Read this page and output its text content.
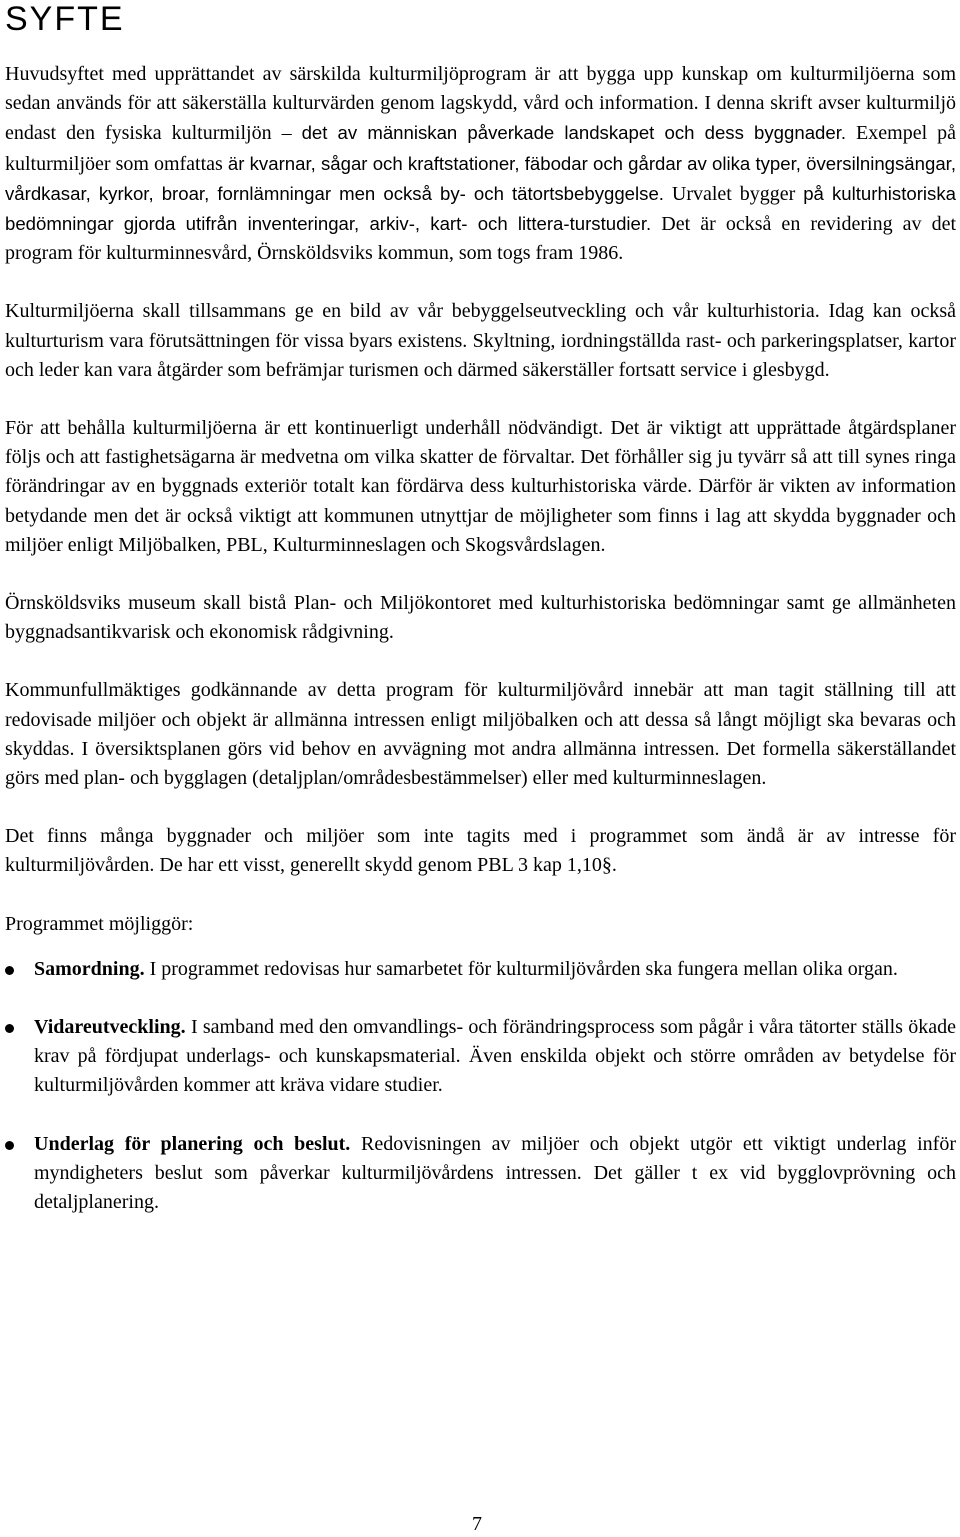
SYFTE

Huvudsyftet med upprättandet av särskilda kulturmiljöprogram är att bygga upp kunskap om kulturmiljöerna som sedan används för att säkerställa kulturvärden genom lagskydd, vård och information. I denna skrift avser kulturmiljö endast den fysiska kulturmiljön – det av människan påverkade landskapet och dess byggnader. Exempel på kulturmiljöer som omfattas är kvarnar, sågar och kraftstationer, fäbodar och gårdar av olika typer, översilningsängar, vårdkasar, kyrkor, broar, fornlämningar men också by- och tätortsbebyggelse. Urvalet bygger på kulturhistoriska bedömningar gjorda utifrån inventeringar, arkiv-, kart- och littera-turstudier. Det är också en revidering av det program för kulturminnesvård, Örnsköldsviks kommun, som togs fram 1986.

Kulturmiljöerna skall tillsammans ge en bild av vår bebyggelseutveckling och vår kulturhistoria. Idag kan också kulturturism vara förutsättningen för vissa byars existens. Skyltning, iordningställda rast- och parkeringsplatser, kartor och leder kan vara åtgärder som befrämjar turismen och därmed säkerställer fortsatt service i glesbygd.

För att behålla kulturmiljöerna är ett kontinuerligt underhåll nödvändigt. Det är viktigt att upprättade åtgärdsplaner följs och att fastighetsägarna är medvetna om vilka skatter de förvaltar. Det förhåller sig ju tyvärr så att till synes ringa förändringar av en byggnads exteriör totalt kan fördärva dess kulturhistoriska värde. Därför är vikten av information betydande men det är också viktigt att kommunen utnyttjar de möjligheter som finns i lag att skydda byggnader och miljöer enligt Miljöbalken, PBL, Kulturminneslagen och Skogsvårdslagen.

Örnsköldsviks museum skall bistå Plan- och Miljökontoret med kulturhistoriska bedömningar samt ge allmänheten byggnadsantikvarisk och ekonomisk rådgivning.

Kommunfullmäktiges godkännande av detta program för kulturmiljövård innebär att man tagit ställning till att redovisade miljöer och objekt är allmänna intressen enligt miljöbalken och att dessa så långt möjligt ska bevaras och skyddas. I översiktsplanen görs vid behov en avvägning mot andra allmänna intressen. Det formella säkerställandet görs med plan- och bygglagen (detaljplan/områdesbestämmelser) eller med kulturminneslagen.

Det finns många byggnader och miljöer som inte tagits med i programmet som ändå är av intresse för kulturmiljövården. De har ett visst, generellt skydd genom PBL 3 kap 1,10§.

Programmet möjliggör:

Samordning. I programmet redovisas hur samarbetet för kulturmiljövården ska fungera mellan olika organ.
Vidareutveckling. I samband med den omvandlings- och förändringsprocess som pågår i våra tätorter ställs ökade krav på fördjupat underlags- och kunskapsmaterial. Även enskilda objekt och större områden av betydelse för kulturmiljövården kommer att kräva vidare studier.
Underlag för planering och beslut. Redovisningen av miljöer och objekt utgör ett viktigt underlag inför myndigheters beslut som påverkar kulturmiljövårdens intressen. Det gäller t ex vid bygglovprövning och detaljplanering.
7
